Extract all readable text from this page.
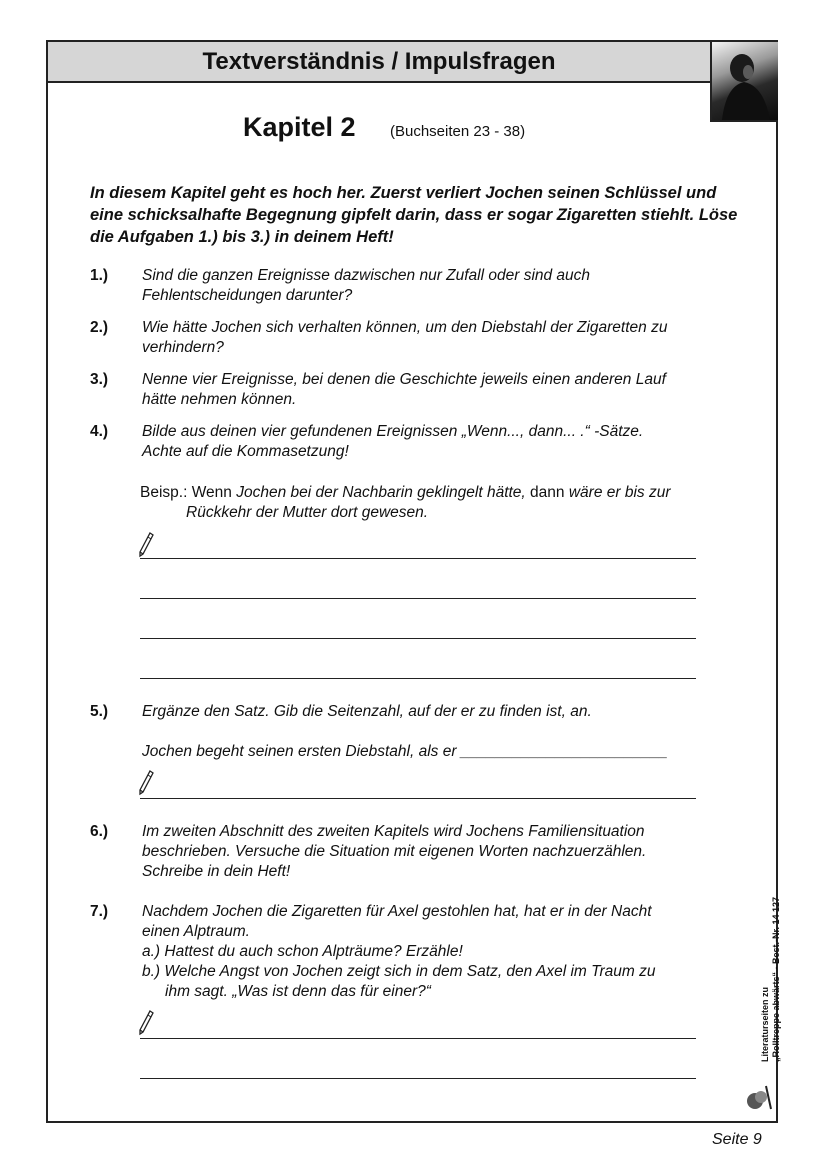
Textverständnis / Impulsfragen
Kapitel 2 (Buchseiten 23 - 38)
In diesem Kapitel geht es hoch her. Zuerst verliert Jochen seinen Schlüssel und eine schicksalhafte Begegnung gipfelt darin, dass er sogar Zigaretten stiehlt. Löse die Aufgaben 1.) bis 3.) in deinem Heft!
1.) Sind die ganzen Ereignisse dazwischen nur Zufall oder sind auch
Fehlentscheidungen darunter?
2.) Wie hätte Jochen sich verhalten können, um den Diebstahl der Zigaretten zu
verhindern?
3.) Nenne vier Ereignisse, bei denen die Geschichte jeweils einen anderen Lauf
hätte nehmen können.
4.) Bilde aus deinen vier gefundenen Ereignissen „Wenn..., dann... .“ -Sätze.
Achte auf die Kommasetzung!
Beisp.: Wenn Jochen bei der Nachbarin geklingelt hätte, dann wäre er bis zur
Rückkehr der Mutter dort gewesen.
5.) Ergänze den Satz. Gib die Seitenzahl, auf der er zu finden ist, an.
Jochen begeht seinen ersten Diebstahl, als er ________________________
6.) Im zweiten Abschnitt des zweiten Kapitels wird Jochens Familiensituation
beschrieben. Versuche die Situation mit eigenen Worten nachzuerzählen.
Schreibe in dein Heft!
7.) Nachdem Jochen die Zigaretten für Axel gestohlen hat, hat er in der Nacht
einen Alptraum.
a.) Hattest du auch schon Alpträume? Erzähle!
b.) Welche Angst von Jochen zeigt sich in dem Satz, den Axel im Traum zu
ihm sagt. „Was ist denn das für einer?“	Literaturseiten zu „Rolltreppe abwärts“ - Best.-Nr. 14 127
Seite 9
